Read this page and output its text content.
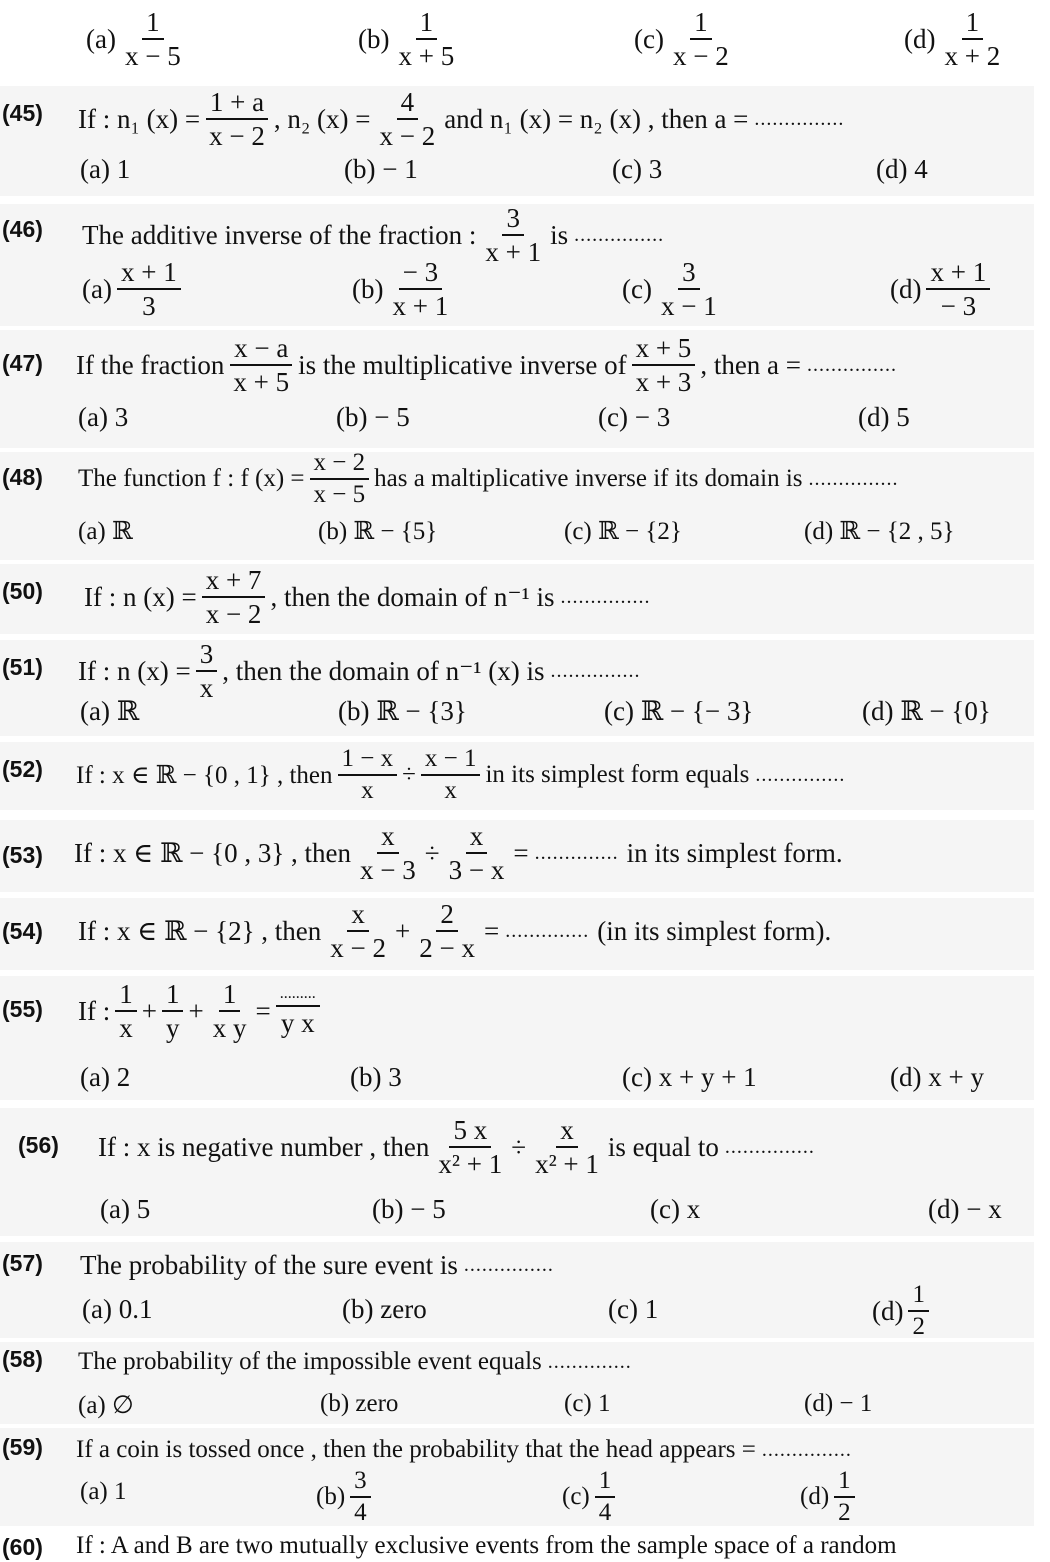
$(a) \frac{1}{x - 5}$	$(b) \frac{1}{x + 5}$	$(c) \frac{1}{x - 2}$	$(d) \frac{1}{x + 2}$
(45) If : n₁ $(x) = \frac{1 + a}{x - 2}$ , n₂ $(x) = \frac{4}{x - 2}$ and n₁ (x) = n₂ (x) , then a = ...............
(a) 1	(b) − 1	(c) 3	(d) 4
(46) The additive inverse of the fraction : $\frac{3}{x + 1}$ is ...............
$(a) \frac{x + 1}{3}$	$(b) \frac{- 3}{x + 1}$	$(c) \frac{3}{x - 1}$	$(d) \frac{x + 1}{- 3}$
(47) If the fraction $\frac{x - a}{x + 5}$ is the multiplicative inverse of $\frac{x + 5}{x + 3}$ , then a = ...............
(a) 3	(b) − 5	(c) − 3	(d) 5
(48) The function f : f $(x) = \frac{x - 2}{x - 5}$ has a maltiplicative inverse if its domain is ...............
(a) ℝ	(b) ℝ − {5}	(c) ℝ − {2}	(d) ℝ − {2 , 5}
(50) If : n $(x) = \frac{x + 7}{x - 2}$ , then the domain of n⁻¹ is ...............
(51) If : n $(x) = \frac{3}{x}$ , then the domain of n⁻¹ (x) is ...............
(a) ℝ	(b) ℝ − {3}	(c) ℝ − {− 3}	(d) ℝ − {0}
(52) If : x ∈ ℝ − {0 , 1} , then $\frac{1 - x}{x} \div \frac{x - 1}{x}$ in its simplest form equals ...............
(53) If : x ∈ ℝ − {0 , 3} , then $\frac{x}{x - 3} \div \frac{x}{3 - x}$ = .............. in its simplest form.
(54) If : x ∈ ℝ − {2} , then $\frac{x}{x - 2} + \frac{2}{2 - x}$ = .............. (in its simplest form).
(55) If : $\frac{1}{x} + \frac{1}{y} + \frac{1}{\text{x y}} = \frac{.........}{\text{y x}}$
(a) 2	(b) 3	(c) x + y + 1	(d) x + y
(56) If : x is negative number , then $\frac{5 x}{\text{x² + 1}} \div \frac{x}{\text{x² + 1}}$ is equal to ...............
(a) 5	(b) − 5	(c) x	(d) − x
(57) The probability of the sure event is ...............
(a) 0.1	(b) zero	(c) 1	$(d) \frac{1}{2}$
(58) The probability of the impossible event equals ..............
(a) ∅	(b) zero	(c) 1	(d) − 1
(59) If a coin is tossed once , then the probability that the head appears = ...............
(a) 1	$(b) \frac{3}{4}$	$(c) \frac{1}{4}$	$(d) \frac{1}{2}$
(60) If : A and B are two mutually exclusive events from the sample space of a random
